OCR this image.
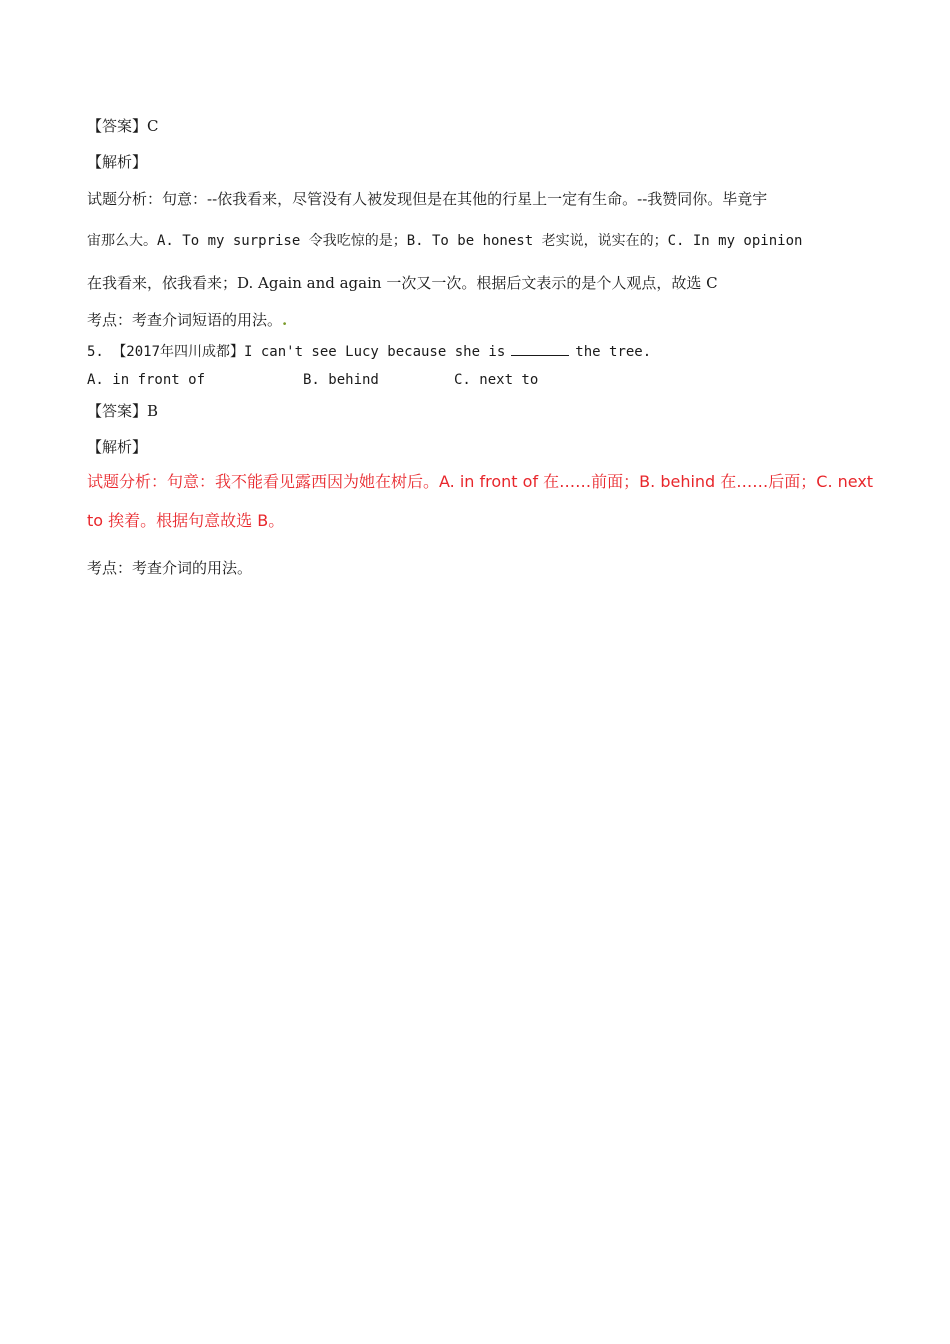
【答案】C
【解析】
试题分析：句意：--依我看来，尽管没有人被发现但是在其他的行星上一定有生命。--我赞同你。毕竟宇
宙那么大。A. To my surprise 令我吃惊的是；B. To be honest 老实说，说实在的；C. In my opinion
在我看来，依我看来；D. Again and again 一次又一次。根据后文表示的是个人观点，故选 C
考点：考查介词短语的用法。.
5. 【2017年四川成都】I can't see Lucy because she is	the tree.
A. in front of	B. behind	C. next to
【答案】B
【解析】
试题分析：句意：我不能看见露西因为她在树后。A. in front of 在……前面；B. behind 在……后面；C. next
to 挨着。根据句意故选 B。
考点：考查介词的用法。
